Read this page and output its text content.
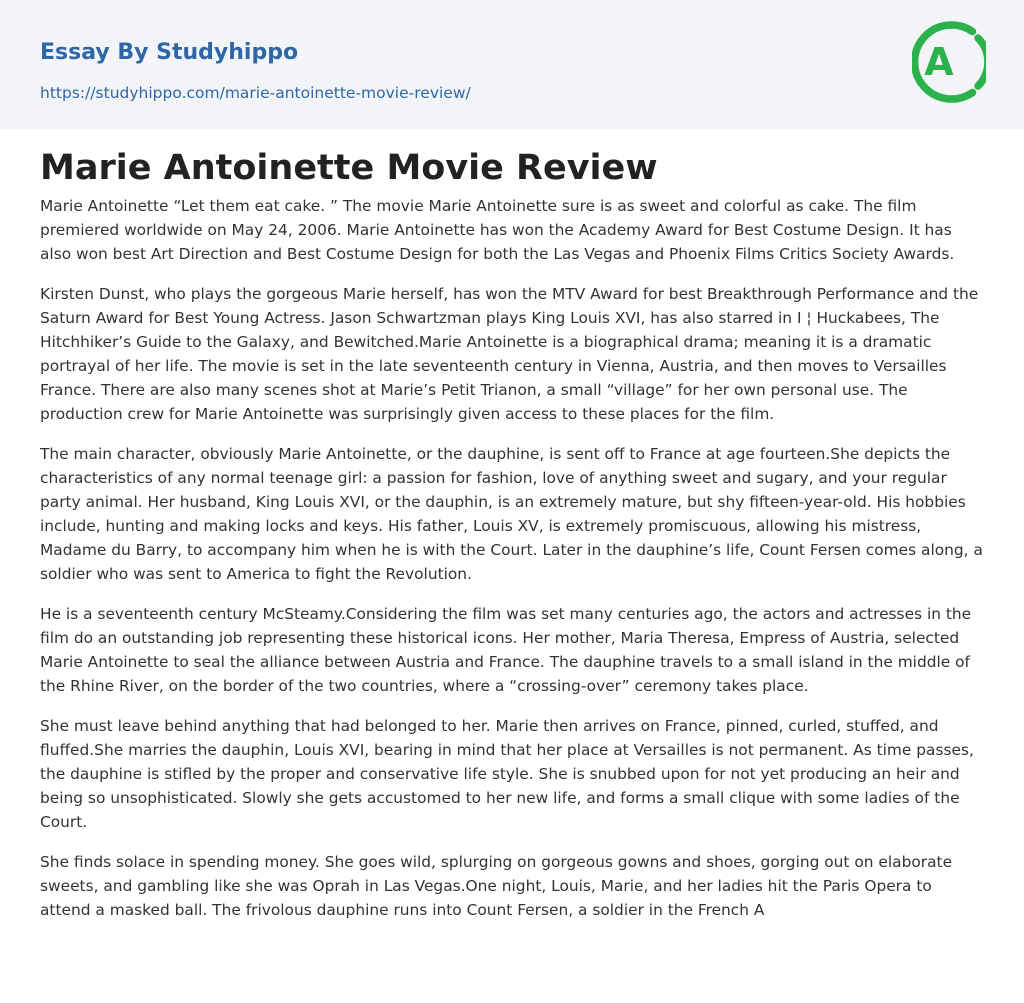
Essay By Studyhippo
https://studyhippo.com/marie-antoinette-movie-review/
A
Marie Antoinette Movie Review

Marie Antoinette “Let them eat cake. ” The movie Marie Antoinette sure is as sweet and colorful as cake. The film premiered worldwide on May 24, 2006. Marie Antoinette has won the Academy Award for Best Costume Design. It has also won best Art Direction and Best Costume Design for both the Las Vegas and Phoenix Films Critics Society Awards.

Kirsten Dunst, who plays the gorgeous Marie herself, has won the MTV Award for best Breakthrough Performance and the Saturn Award for Best Young Actress. Jason Schwartzman plays King Louis XVI, has also starred in I ¦ Huckabees, The Hitchhiker’s Guide to the Galaxy, and Bewitched.Marie Antoinette is a biographical drama; meaning it is a dramatic portrayal of her life. The movie is set in the late seventeenth century in Vienna, Austria, and then moves to Versailles France. There are also many scenes shot at Marie’s Petit Trianon, a small “village” for her own personal use. The production crew for Marie Antoinette was surprisingly given access to these places for the film.

The main character, obviously Marie Antoinette, or the dauphine, is sent off to France at age fourteen.She depicts the characteristics of any normal teenage girl: a passion for fashion, love of anything sweet and sugary, and your regular party animal. Her husband, King Louis XVI, or the dauphin, is an extremely mature, but shy fifteen-year-old. His hobbies include, hunting and making locks and keys. His father, Louis XV, is extremely promiscuous, allowing his mistress, Madame du Barry, to accompany him when he is with the Court. Later in the dauphine’s life, Count Fersen comes along, a soldier who was sent to America to fight the Revolution.

He is a seventeenth century McSteamy.Considering the film was set many centuries ago, the actors and actresses in the film do an outstanding job representing these historical icons. Her mother, Maria Theresa, Empress of Austria, selected Marie Antoinette to seal the alliance between Austria and France. The dauphine travels to a small island in the middle of the Rhine River, on the border of the two countries, where a “crossing-over” ceremony takes place.

She must leave behind anything that had belonged to her. Marie then arrives on France, pinned, curled, stuffed, and fluffed.She marries the dauphin, Louis XVI, bearing in mind that her place at Versailles is not permanent. As time passes, the dauphine is stifled by the proper and conservative life style. She is snubbed upon for not yet producing an heir and being so unsophisticated. Slowly she gets accustomed to her new life, and forms a small clique with some ladies of the Court.

She finds solace in spending money. She goes wild, splurging on gorgeous gowns and shoes, gorging out on elaborate sweets, and gambling like she was Oprah in Las Vegas.One night, Louis, Marie, and her ladies hit the Paris Opera to attend a masked ball. The frivolous dauphine runs into Count Fersen, a soldier in the French A
